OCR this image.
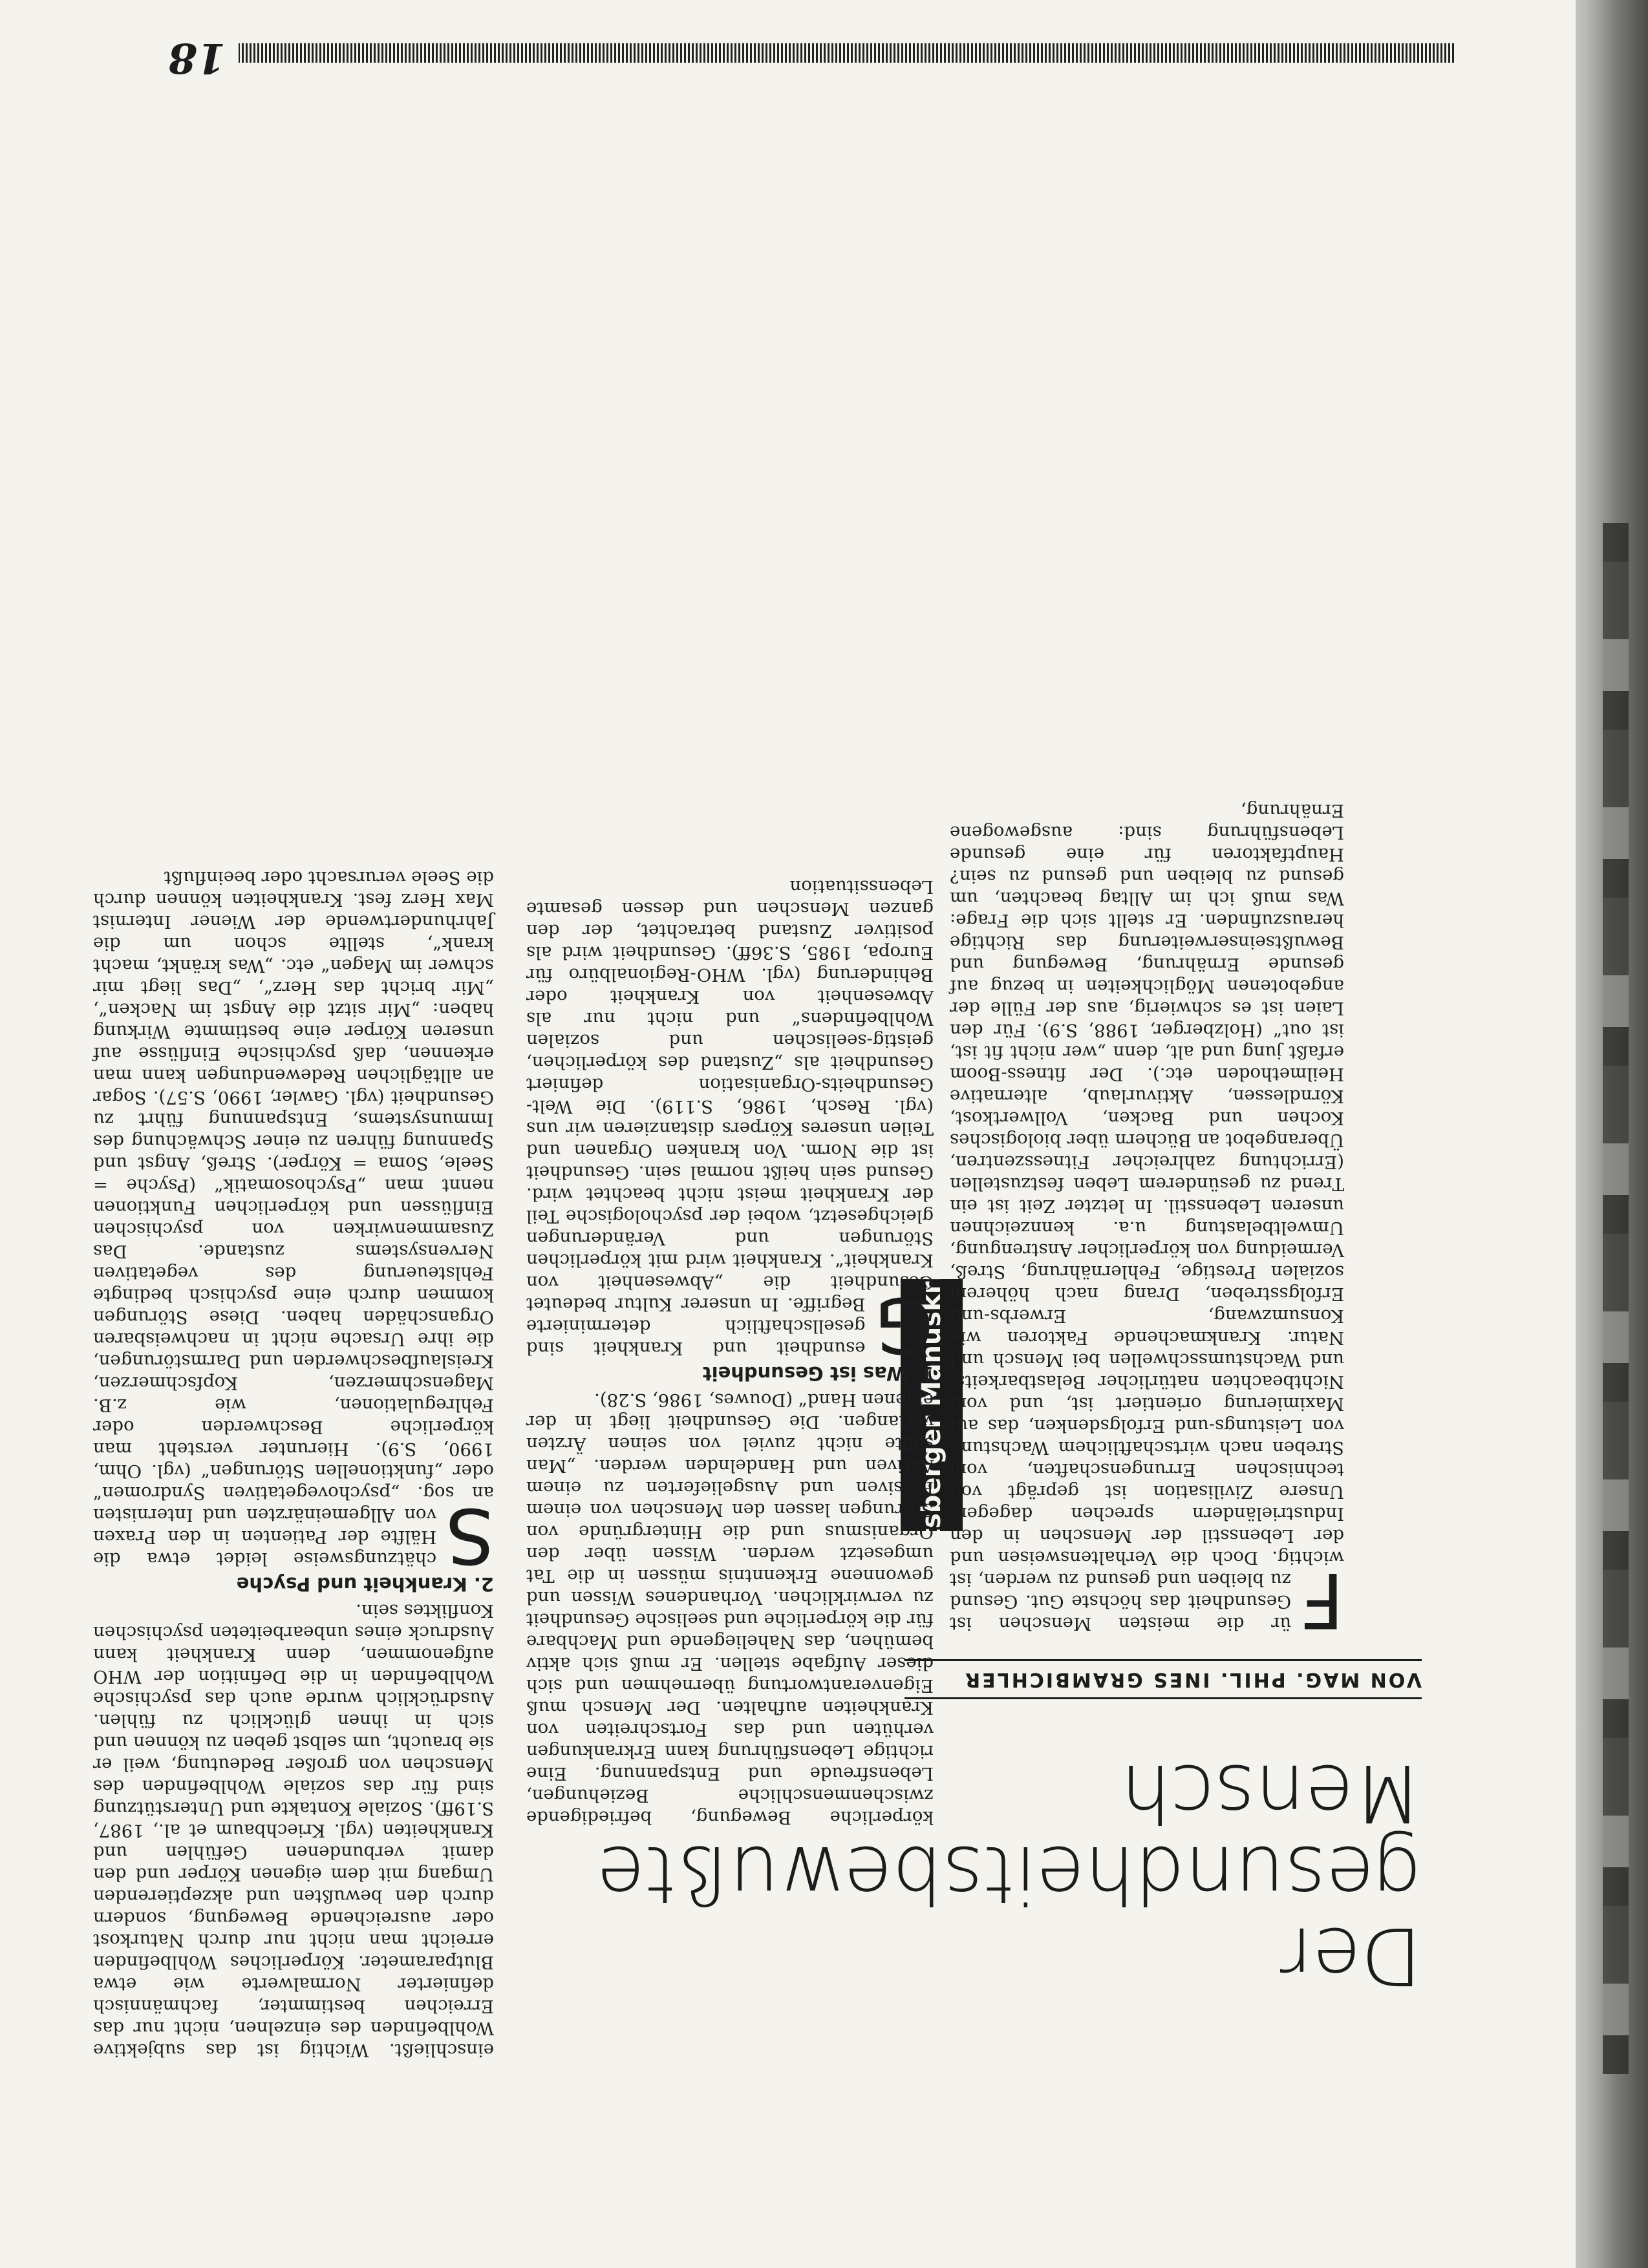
Der gesundheitsbewußte Mensch
VON MAG. PHIL. INES GRAMBICHLER
Voitsberger Manuskripte
F

ür die meisten Menschen ist Gesundheit das höchste Gut. Gesund zu bleiben und gesund zu werden, ist wichtig. Doch die Verhaltensweisen und der Lebensstil der Menschen in den Industrieländern sprechen dagegen. Unsere Zivilisation ist geprägt von technischen Errungenschaften, vom Streben nach wirtschaftlichem Wachstum, von Leistungs-und Erfolgsdenken, das auf Maximierung orientiert ist, und vom Nichtbeachten natürlicher Belastbarkeits- und Wachstumsschwellen bei Mensch und Natur. Krankmachende Faktoren wie Konsumzwang, Erwerbs-und Erfolgsstreben, Drang nach höherem sozialen Prestige, Fehlernährung, Streß, Vermeidung von körperlicher Anstrengung, Umweltbelastung u.a. kennzeichnen unseren Lebensstil. In letzter Zeit ist ein Trend zu gesünderem Leben festzustellen (Errichtung zahlreicher Fitnesszentren, Überangebot an Büchern über biologisches Kochen und Backen, Vollwertkost, Körndlessen, Aktivurlaub, alternative Heilmethoden etc.). Der fitness-Boom erfaßt jung und alt, denn „wer nicht fit ist, ist out“ (Holzberger, 1988, S.9). Für den Laien ist es schwierig, aus der Fülle der angebotenen Möglichkeiten in bezug auf gesunde Ernährung, Bewegung und Bewußtseinserweiterung das Richtige herauszufinden. Er stellt sich die Frage: Was muß ich im Alltag beachten, um gesund zu bleiben und gesund zu sein? Hauptfaktoren für eine gesunde Lebensführung sind: ausgewogene Ernährung,

körperliche Bewegung, befriedigende zwischenmenschliche Beziehungen, Lebensfreude und Entspannung. Eine richtige Lebensführung kann Erkrankungen verhüten und das Fortschreiten von Krankheiten aufhalten. Der Mensch muß Eigenverantwortung übernehmen und sich dieser Aufgabe stellen. Er muß sich aktiv bemühen, das Naheliegende und Machbare für die körperliche und seelische Gesundheit zu verwirklichen. Vorhandenes Wissen und gewonnene Erkenntnis müssen in die Tat umgesetzt werden. Wissen über den Organismus und die Hintergründe von Störungen lassen den Menschen von einem Passiven und Ausgelieferten zu einem Aktiven und Handelnden werden. „Man sollte nicht zuviel von seinen Ärzten verlangen. Die Gesundheit liegt in der eigenen Hand“ (Douwes, 1986, S.28).

1. Was ist Gesundheit
G

esundheit und Krankheit sind gesellschaftlich determinierte Begriffe. In unserer Kultur bedeutet Gesundheit die „Abwesenheit von Krankheit“. Krankheit wird mit körperlichen Störungen und Veränderungen gleichgesetzt, wobei der psychologische Teil der Krankheit meist nicht beachtet wird. Gesund sein heißt normal sein. Gesundheit ist die Norm. Von kranken Organen und Teilen unseres Körpers distanzieren wir uns (vgl. Resch, 1986, S.119). Die Welt-Gesundheits-Organisation definiert Gesundheit als „Zustand des körperlichen, geistig-seelischen und sozialen Wohlbefindens“ und nicht nur als Abwesenheit von Krankheit oder Behinderung (vgl. WHO-Regionalbüro für Europa, 1985, S.36ff). Gesundheit wird als positiver Zustand betrachtet, der den ganzen Menschen und dessen gesamte Lebenssituation

einschließt. Wichtig ist das subjektive Wohlbefinden des einzelnen, nicht nur das Erreichen bestimmter, fachmännisch definierter Normalwerte wie etwa Blutparameter. Körperliches Wohlbefinden erreicht man nicht nur durch Naturkost oder ausreichende Bewegung, sondern durch den bewußten und akzeptierenden Umgang mit dem eigenen Körper und den damit verbundenen Gefühlen und Krankheiten (vgl. Kriechbaum et al., 1987, S.19ff). Soziale Kontakte und Unterstützung sind für das soziale Wohlbefinden des Menschen von großer Bedeutung, weil er sie braucht, um selbst geben zu können und sich in ihnen glücklich zu fühlen. Ausdrücklich wurde auch das psychische Wohlbefinden in die Definition der WHO aufgenommen, denn Krankheit kann Ausdruck eines unbearbeiteten psychischen Konfliktes sein.

2. Krankheit und Psyche
S

chätzungsweise leidet etwa die Hälfte der Patienten in den Praxen von Allgemeinärzten und Internisten an sog. „psychovegetativen Syndromen“ oder „funktionellen Störungen“ (vgl. Ohm, 1990, S.9). Hierunter versteht man körperliche Beschwerden oder Fehlregulationen, wie z.B. Magenschmerzen, Kopfschmerzen, Kreislaufbeschwerden und Darmstörungen, die ihre Ursache nicht in nachweisbaren Organschäden haben. Diese Störungen kommen durch eine psychisch bedingte Fehlsteuerung des vegetativen Nervensystems zustande. Das Zusammenwirken von psychischen Einflüssen und körperlichen Funktionen nennt man „Psychosomatik“ (Psyche = Seele, Soma = Körper). Streß, Angst und Spannung führen zu einer Schwächung des Immunsystems, Entspannung führt zu Gesundheit (vgl. Gawler, 1990, S.57). Sogar an alltäglichen Redewendungen kann man erkennen, daß psychische Einflüsse auf unseren Körper eine bestimmte Wirkung haben: „Mir sitzt die Angst im Nacken“, „Mir bricht das Herz“, „Das liegt mir schwer im Magen“ etc. „Was kränkt, macht krank“, stellte schon um die Jahrhundertwende der Wiener Internist Max Herz fest. Krankheiten können durch die Seele verursacht oder beeinflußt

18
